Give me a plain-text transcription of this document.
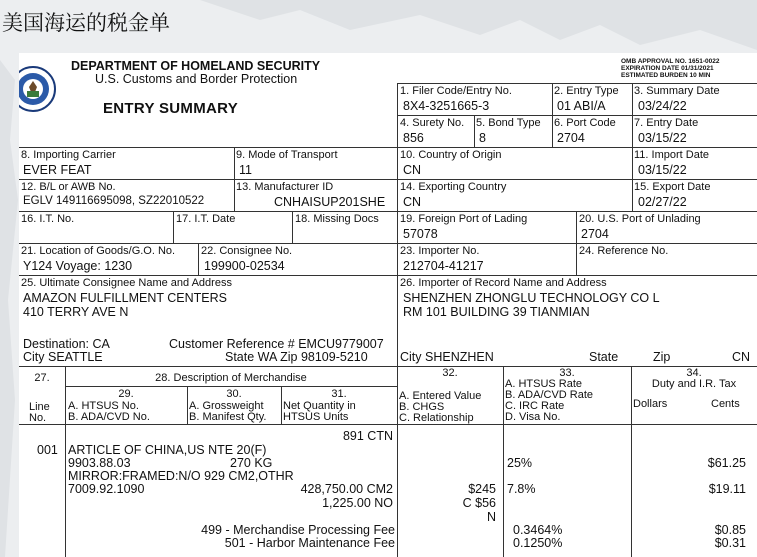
美国海运的税金单
DEPARTMENT OF HOMELAND SECURITY
U.S. Customs and Border Protection
ENTRY SUMMARY
OMB APPROVAL NO. 1651-0022
EXPIRATION DATE 01/31/2021
ESTIMATED BURDEN 10 MIN
1. Filer Code/Entry No.
8X4-3251665-3
2. Entry Type
01 ABI/A
3. Summary Date
03/24/22
4. Surety No.
856
5. Bond Type
8
6. Port Code
2704
7. Entry Date
03/15/22
8. Importing Carrier
EVER FEAT
9. Mode of Transport
11
10. Country of Origin
CN
11. Import Date
03/15/22
12. B/L or AWB No.
EGLV 149116695098, SZ22010522
13. Manufacturer ID
CNHAISUP201SHE
14. Exporting Country
CN
15. Export Date
02/27/22
16. I.T. No.	17. I.T. Date	18. Missing Docs 19. Foreign Port of Lading
57078
20. U.S. Port of Unlading
2704
21. Location of Goods/G.O. No.
Y124 Voyage: 1230
22. Consignee No.
199900-02534
23. Importer No.
212704-41217
24. Reference No.
25. Ultimate Consignee Name and Address
AMAZON FULFILLMENT CENTERS
410 TERRY AVE N
Destination: CA	Customer Reference # EMCU9779007
City SEATTLE	State WA Zip 98109-5210
26. Importer of Record Name and Address
SHENZHEN ZHONGLU TECHNOLOGY CO L
RM 101 BUILDING 39 TIANMIAN
City SHENZHEN	State	Zip	CN
27.	28. Description of Merchandise
29.	30.	31.
32.	33.	34.
Duty and I.R. Tax
Line
No.
A. HTSUS No.
B. ADA/CVD No.
A. Grossweight
B. Manifest Qty.
Net Quantity in
HTSUS Units
A. Entered Value
B. CHGS
C. Relationship
A. HTSUS Rate
B. ADA/CVD Rate
C. IRC Rate
D. Visa No.
Dollars	Cents
891 CTN
001 ARTICLE OF CHINA,US NTE 20(F)
9903.88.03	270 KG
MIRROR:FRAMED:N/O 929 CM2,OTHR
7009.92.1090	428,750.00 CM2
1,225.00 NO
$245
C $56
N
25%	$61.25
7.8%	$19.11
499 - Merchandise Processing Fee	0.3464%	$0.85
501 - Harbor Maintenance Fee	0.1250%	$0.31
